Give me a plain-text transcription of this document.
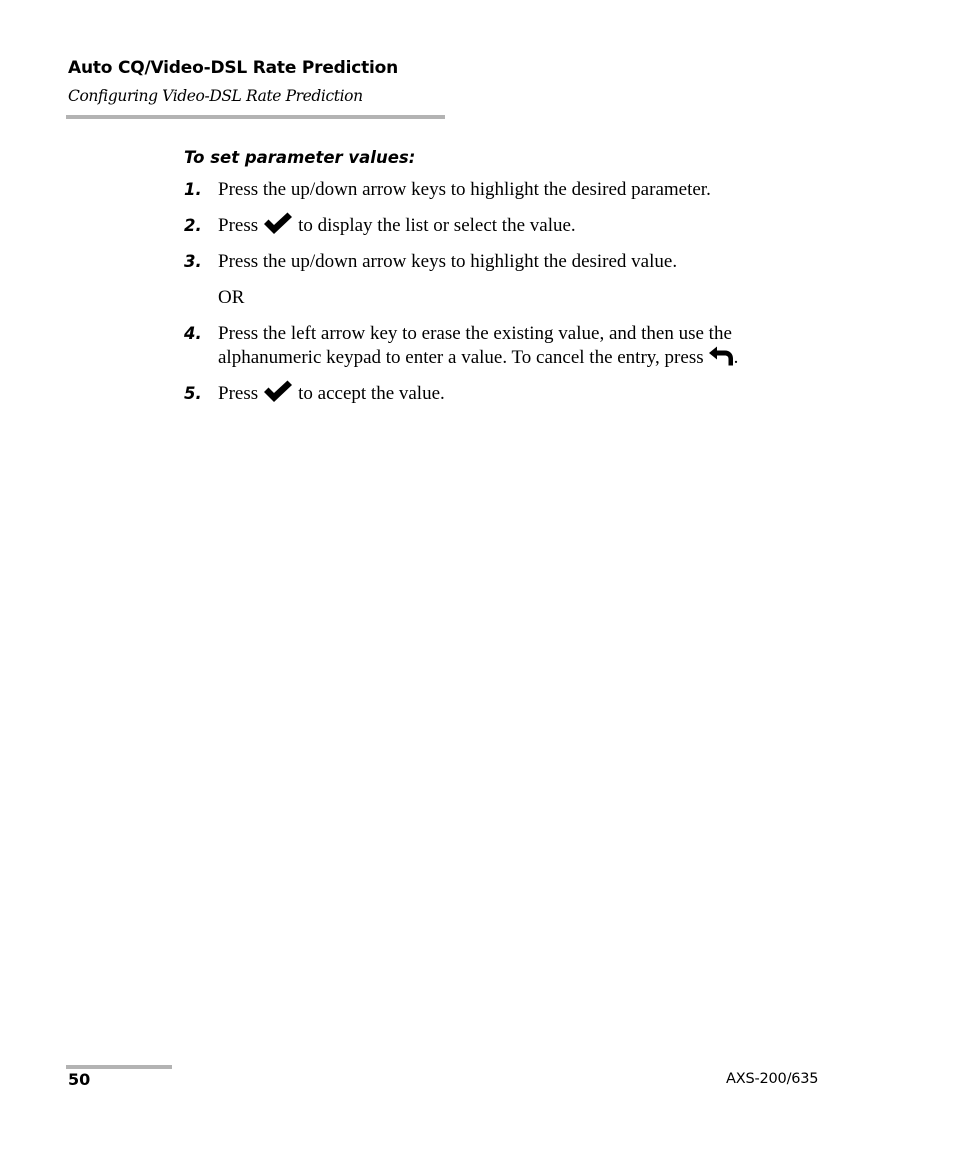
Auto CQ/Video-DSL Rate Prediction
Configuring Video-DSL Rate Prediction
To set parameter values:
1. Press the up/down arrow keys to highlight the desired parameter.
2. Press to display the list or select the value.
3. Press the up/down arrow keys to highlight the desired value.
4. Press the left arrow key to erase the existing value, and then use the
alphanumeric keypad to enter a value. To cancel the entry, press .
5. Press to accept the value.
OR
50	AXS-200/635
